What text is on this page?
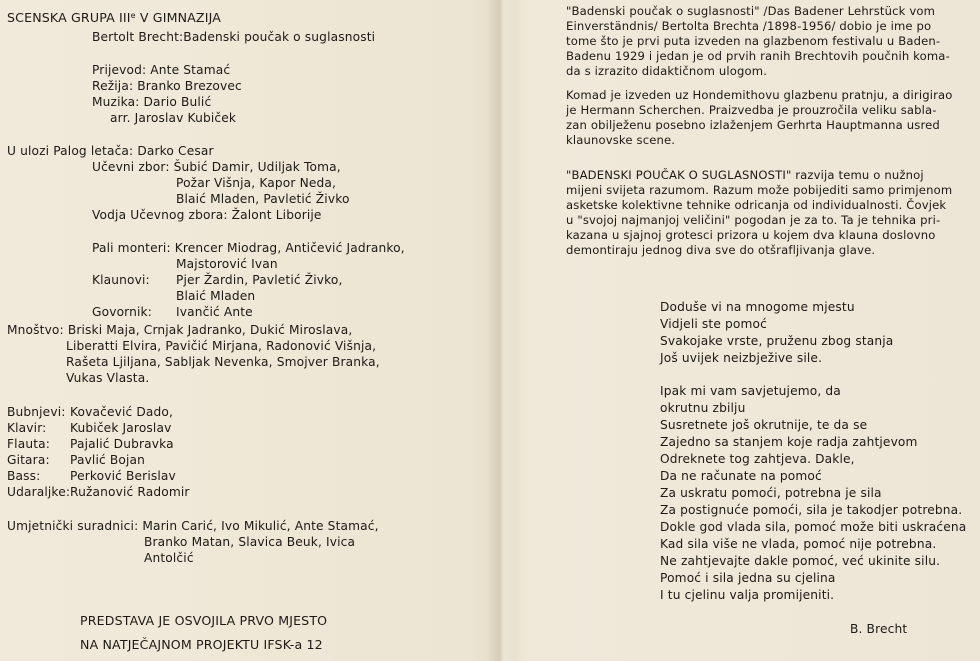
SCENSKA GRUPA IIIe V GIMNAZIJA
Bertolt Brecht:Badenski poučak o suglasnosti
Prijevod: Ante Stamać
Režija: Branko Brezovec
Muzika: Dario Bulić
arr. Jaroslav Kubiček
U ulozi Palog letača: Darko Cesar
Učevni zbor: Šubić Damir, Udiljak Toma,
Požar Višnja, Kapor Neda,
Blaić Mladen, Pavletić Živko
Vodja Učevnog zbora: Žalont Liborije
Pali monteri: Krencer Miodrag, Antičević Jadranko,
Majstorović Ivan
Klaunovi: Pjer Žardin, Pavletić Živko,
Blaić Mladen
Govornik: Ivančić Ante
Mnoštvo: Briski Maja, Crnjak Jadranko, Dukić Miroslava,
Liberatti Elvira, Pavičić Mirjana, Radonović Višnja,
Rašeta Ljiljana, Sabljak Nevenka, Smojver Branka,
Vukas Vlasta.
Bubnjevi: Kovačević Dado,
Klavir: Kubiček Jaroslav
Flauta: Pajalić Dubravka
Gitara: Pavlić Bojan
Bass: Perković Berislav
Udaraljke: Ružanović Radomir
Umjetnički suradnici: Marin Carić, Ivo Mikulić, Ante Stamać,
Branko Matan, Slavica Beuk, Ivica
Antolčić
PREDSTAVA JE OSVOJILA PRVO MJESTO
NA NATJEČAJNOM PROJEKTU IFSK-a 12
"Badenski poučak o suglasnosti" /Das Badener Lehrstück vom
Einverständnis/ Bertolta Brechta /1898-1956/ dobio je ime po
tome što je prvi puta izveden na glazbenom festivalu u Baden-
Badenu 1929 i jedan je od prvih ranih Brechtovih poučnih koma-
da s izrazito didaktičnom ulogom.
Komad je izveden uz Hondemithovu glazbenu pratnju, a dirigirao
je Hermann Scherchen. Praizvedba je prouzročila veliku sabla-
zan obilježenu posebno izlaženjem Gerhrta Hauptmanna usred
klaunovske scene.
"BADENSKI POUČAK O SUGLASNOSTI" razvija temu o nužnoj
mijeni svijeta razumom. Razum može pobijediti samo primjenom
asketske kolektivne tehnike odricanja od individualnosti. Čovjek
u "svojoj najmanjoj veličini" pogodan je za to. Ta je tehnika pri-
kazana u sjajnoj grotesci prizora u kojem dva klauna doslovno
demontiraju jednog diva sve do otšrafljivanja glave.
Doduše vi na mnogome mjestu
Vidjeli ste pomoć
Svakojake vrste, pruženu zbog stanja
Još uvijek neizbježive sile.
Ipak mi vam savjetujemo, da
okrutnu zbilju
Susretnete još okrutnije, te da se
Zajedno sa stanjem koje radja zahtjevom
Odreknete tog zahtjeva. Dakle,
Da ne računate na pomoć
Za uskratu pomoći, potrebna je sila
Za postignuće pomoći, sila je takodjer potrebna.
Dokle god vlada sila, pomoć može biti uskraćena
Kad sila više ne vlada, pomoć nije potrebna.
Ne zahtjevajte dakle pomoć, već ukinite silu.
Pomoć i sila jedna su cjelina
I tu cjelinu valja promijeniti.
B. Brecht
